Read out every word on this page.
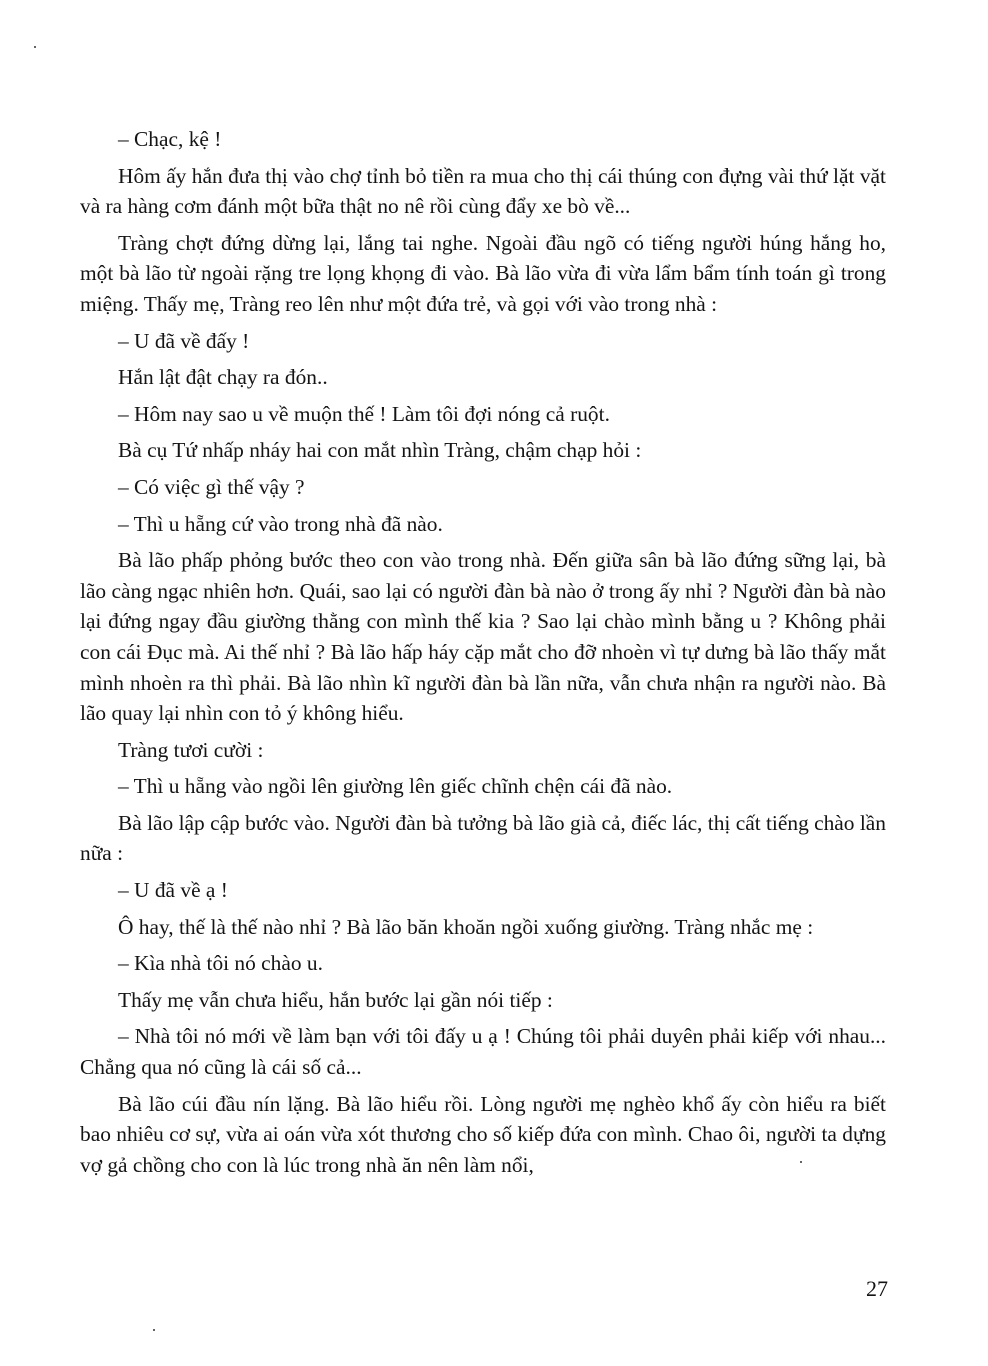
– Chạc, kệ !

Hôm ấy hắn đưa thị vào chợ tỉnh bỏ tiền ra mua cho thị cái thúng con đựng vài thứ lặt vặt và ra hàng cơm đánh một bữa thật no nê rồi cùng đẩy xe bò về...

Tràng chợt đứng dừng lại, lắng tai nghe. Ngoài đầu ngõ có tiếng người húng hắng ho, một bà lão từ ngoài rặng tre lọng khọng đi vào. Bà lão vừa đi vừa lẩm bẩm tính toán gì trong miệng. Thấy mẹ, Tràng reo lên như một đứa trẻ, và gọi với vào trong nhà :

– U đã về đấy !

Hắn lật đật chạy ra đón..

– Hôm nay sao u về muộn thế ! Làm tôi đợi nóng cả ruột.

Bà cụ Tứ nhấp nháy hai con mắt nhìn Tràng, chậm chạp hỏi :

– Có việc gì thế vậy ?

– Thì u hẵng cứ vào trong nhà đã nào.

Bà lão phấp phỏng bước theo con vào trong nhà. Đến giữa sân bà lão đứng sững lại, bà lão càng ngạc nhiên hơn. Quái, sao lại có người đàn bà nào ở trong ấy nhỉ ? Người đàn bà nào lại đứng ngay đầu giường thằng con mình thế kia ? Sao lại chào mình bằng u ? Không phải con cái Đục mà. Ai thế nhỉ ? Bà lão hấp háy cặp mắt cho đỡ nhoèn vì tự dưng bà lão thấy mắt mình nhoèn ra thì phải. Bà lão nhìn kĩ người đàn bà lần nữa, vẫn chưa nhận ra người nào. Bà lão quay lại nhìn con tỏ ý không hiểu.

Tràng tươi cười :

– Thì u hẵng vào ngồi lên giường lên giếc chĩnh chện cái đã nào.

Bà lão lập cập bước vào. Người đàn bà tưởng bà lão già cả, điếc lác, thị cất tiếng chào lần nữa :

– U đã về ạ !

Ô hay, thế là thế nào nhỉ ? Bà lão băn khoăn ngồi xuống giường. Tràng nhắc mẹ :

– Kìa nhà tôi nó chào u.

Thấy mẹ vẫn chưa hiểu, hắn bước lại gần nói tiếp :

– Nhà tôi nó mới về làm bạn với tôi đấy u ạ ! Chúng tôi phải duyên phải kiếp với nhau... Chẳng qua nó cũng là cái số cả...

Bà lão cúi đầu nín lặng. Bà lão hiểu rồi. Lòng người mẹ nghèo khổ ấy còn hiểu ra biết bao nhiêu cơ sự, vừa ai oán vừa xót thương cho số kiếp đứa con mình. Chao ôi, người ta dựng vợ gả chồng cho con là lúc trong nhà ăn nên làm nổi,

27
